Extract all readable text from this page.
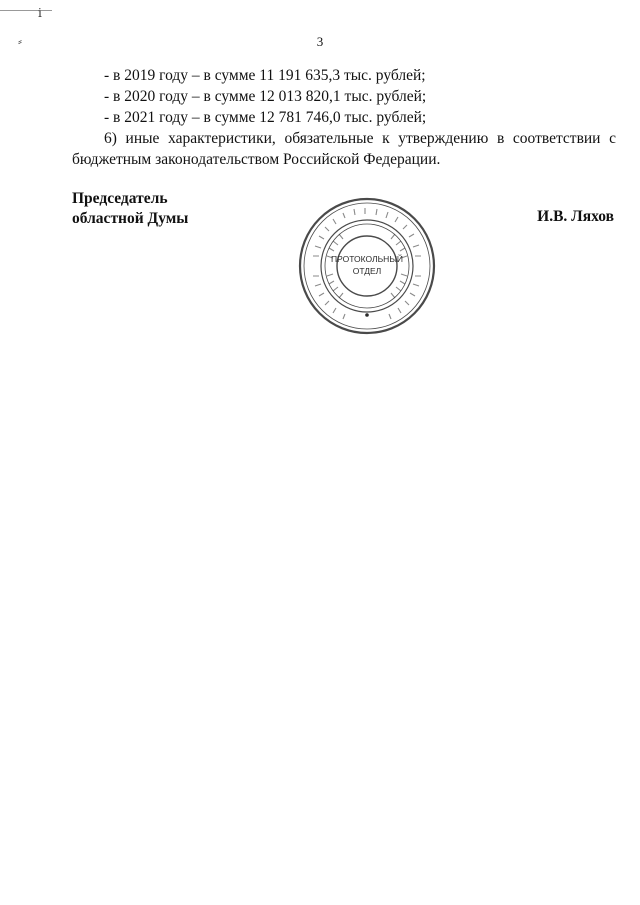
ⅰ
⸗	3
- в 2019 году – в сумме 11 191 635,3 тыс. рублей;
- в 2020 году – в сумме 12 013 820,1 тыс. рублей;
- в 2021 году – в сумме 12 781 746,0 тыс. рублей;
6) иные характеристики, обязательные к утверждению в соответствии с бюджетным законодательством Российской Федерации.
Председатель
областной Думы	И.В. Ляхов
ПРОТОКОЛЬНЫЙ
ОТДЕЛ
